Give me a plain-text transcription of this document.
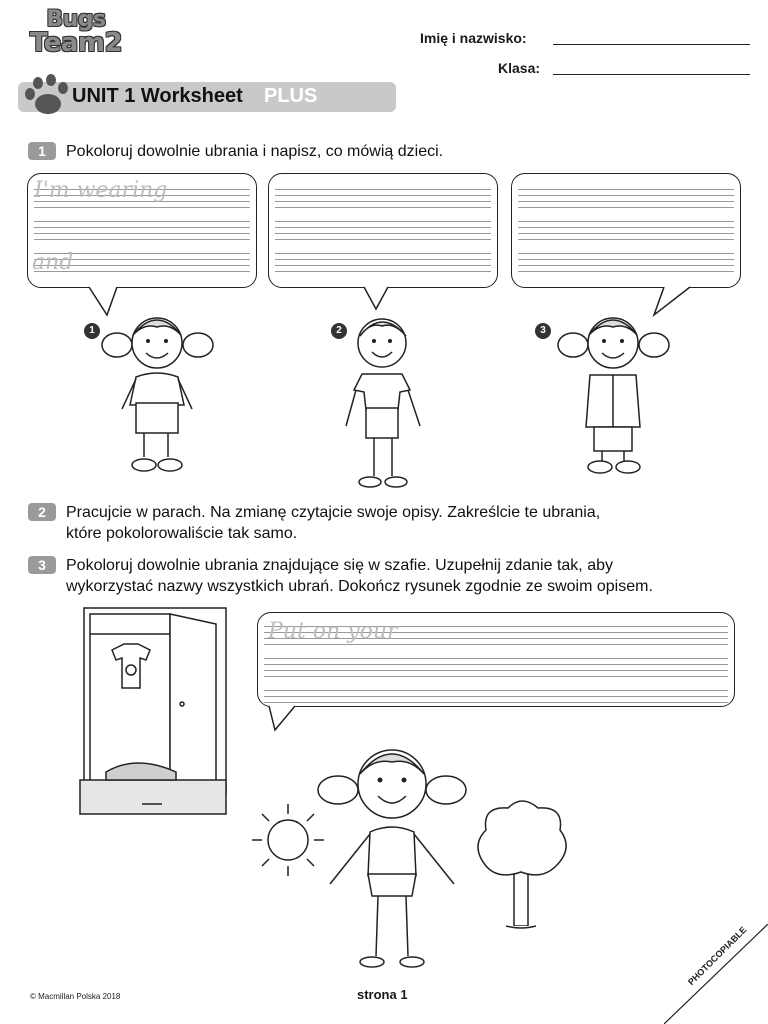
Bugs
Team2	Imię i nazwisko:
Klasa:
UNIT 1 Worksheet PLUS
1	Pokoloruj dowolnie ubrania i napisz, co mówią dzieci.
I'm wearing
and
1	2	3
2	Pracujcie w parach. Na zmianę czytajcie swoje opisy. Zakreślcie te ubrania,
które pokolorowaliście tak samo.
3	Pokoloruj dowolnie ubrania znajdujące się w szafie. Uzupełnij zdanie tak, aby
wykorzystać nazwy wszystkich ubrań. Dokończ rysunek zgodnie ze swoim opisem.
Put on your
© Macmillan Polska 2018	strona 1
PHOTOCOPIABLE
